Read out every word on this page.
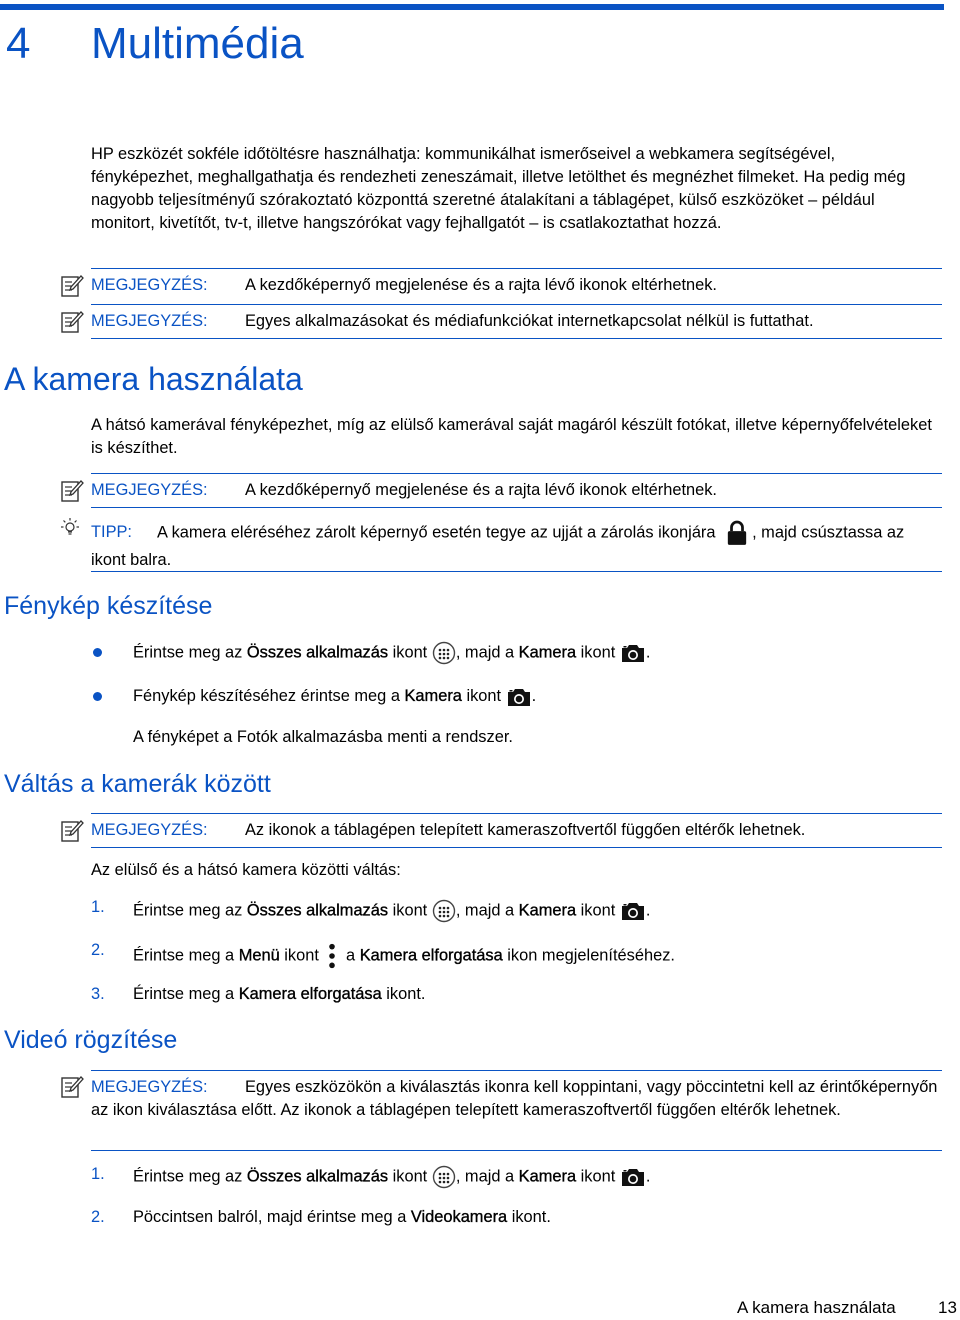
4 Multimédia
HP eszközét sokféle időtöltésre használhatja: kommunikálhat ismerőseivel a webkamera segítségével, fényképezhet, meghallgathatja és rendezheti zeneszámait, illetve letölthet és megnézhet filmeket. Ha pedig még nagyobb teljesítményű szórakoztató központtá szeretné átalakítani a táblagépet, külső eszközöket – például monitort, kivetítőt, tv-t, illetve hangszórókat vagy fejhallgatót – is csatlakoztathat hozzá.
MEGJEGYZÉS: A kezdőképernyő megjelenése és a rajta lévő ikonok eltérhetnek.
MEGJEGYZÉS: Egyes alkalmazásokat és médiafunkciókat internetkapcsolat nélkül is futtathat.
A kamera használata
A hátsó kamerával fényképezhet, míg az elülső kamerával saját magáról készült fotókat, illetve képernyőfelvételeket is készíthet.
MEGJEGYZÉS: A kezdőképernyő megjelenése és a rajta lévő ikonok eltérhetnek.
TIPP: A kamera eléréséhez zárolt képernyő esetén tegye az ujját a zárolás ikonjára , majd csúsztassa az ikont balra.
Fénykép készítése
Érintse meg az Összes alkalmazás ikont , majd a Kamera ikont .
Fénykép készítéséhez érintse meg a Kamera ikont .
A fényképet a Fotók alkalmazásba menti a rendszer.
Váltás a kamerák között
MEGJEGYZÉS: Az ikonok a táblagépen telepített kameraszoftvertől függően eltérők lehetnek.
Az elülső és a hátsó kamera közötti váltás:
1. Érintse meg az Összes alkalmazás ikont , majd a Kamera ikont .
2. Érintse meg a Menü ikont  a Kamera elforgatása ikon megjelenítéséhez.
3. Érintse meg a Kamera elforgatása ikont.
Videó rögzítése
MEGJEGYZÉS: Egyes eszközökön a kiválasztás ikonra kell koppintani, vagy pöccintetni kell az érintőképernyőn az ikon kiválasztása előtt. Az ikonok a táblagépen telepített kameraszoftvertől függően eltérők lehetnek.
1. Érintse meg az Összes alkalmazás ikont , majd a Kamera ikont .
2. Pöccintsen balról, majd érintse meg a Videokamera ikont.
A kamera használata 13
